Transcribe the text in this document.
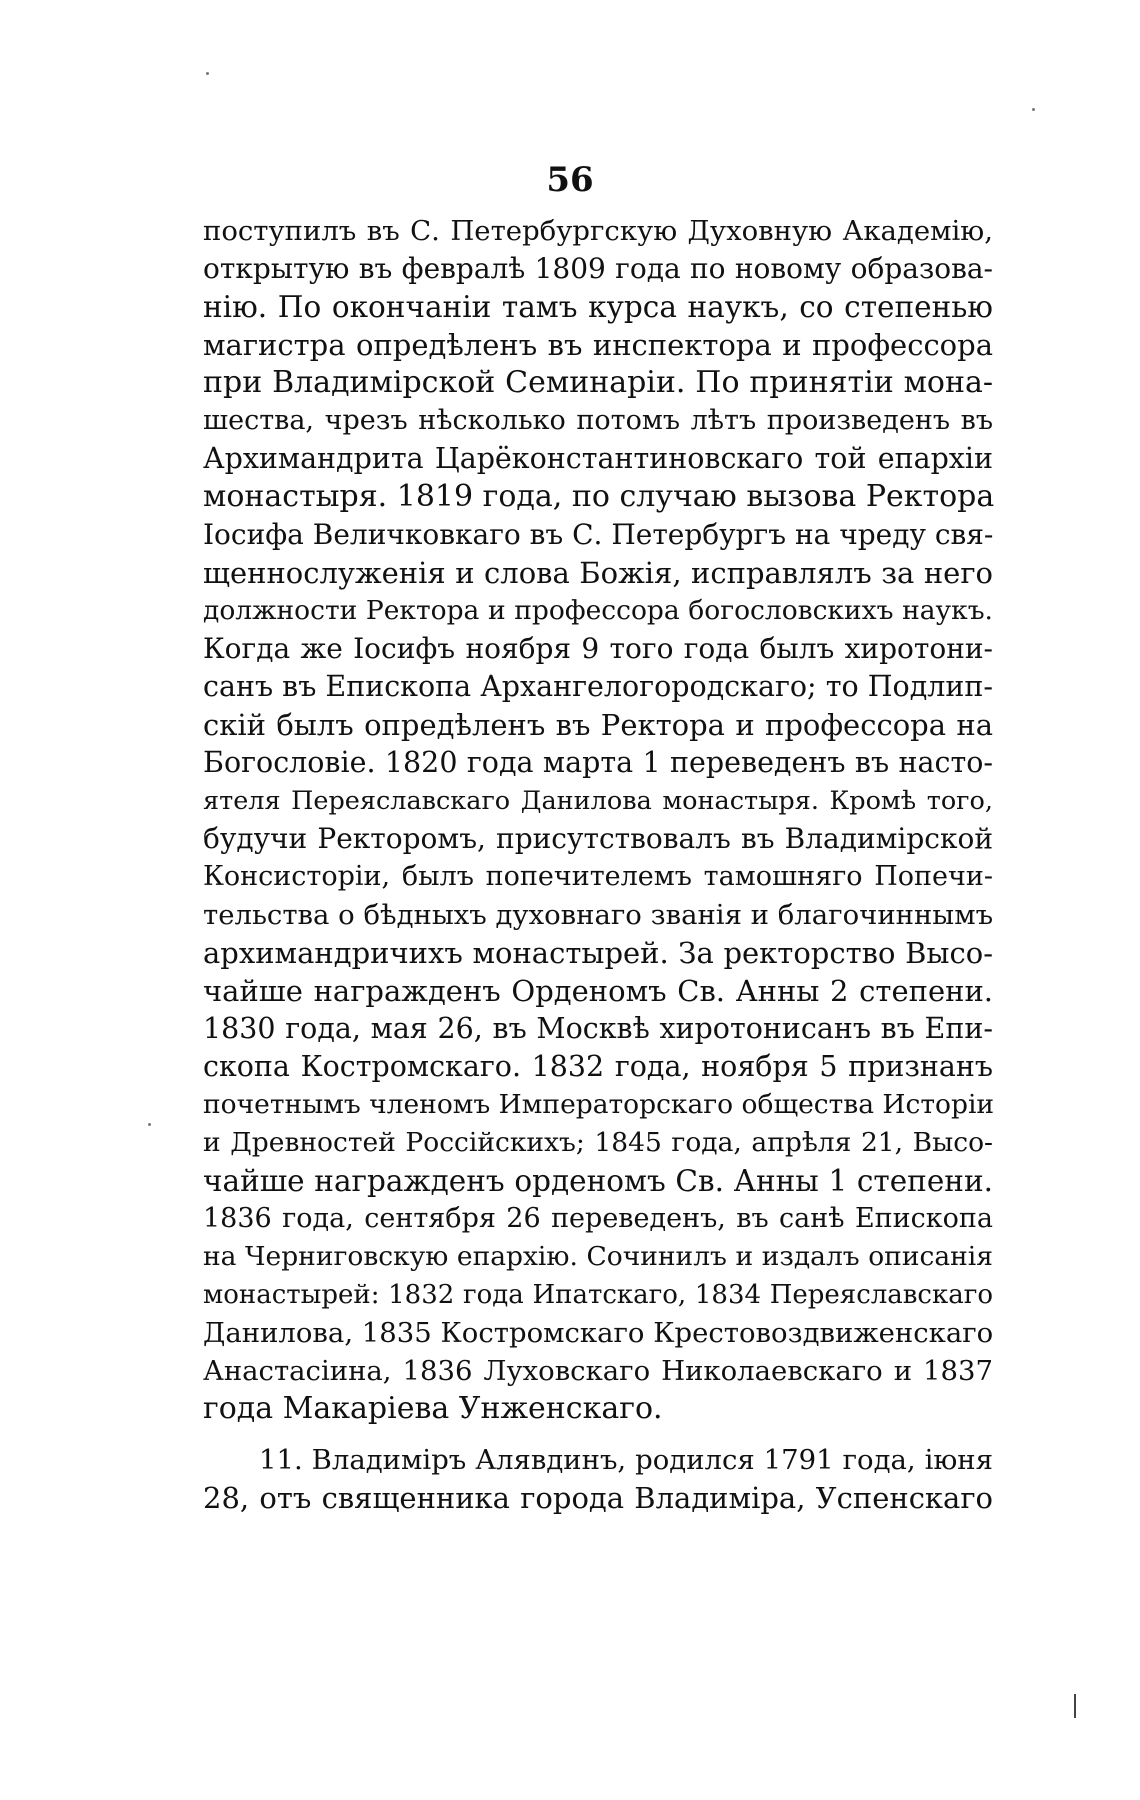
56
поступилъ въ С. Петербургскую Духовную Академію,
открытую въ февралѣ 1809 года по новому образова-
нію. По окончаніи тамъ курса наукъ, со степенью
магистра опредѣленъ въ инспектора и профессора
при Владимірской Семинаріи. По принятіи мона-
шества, чрезъ нѣсколько потомъ лѣтъ произведенъ въ
Архимандрита Царёконстантиновскаго той епархіи
монастыря. 1819 года, по случаю вызова Ректора
Іосифа Величковкаго въ С. Петербургъ на чреду свя-
щеннослуженія и слова Божія, исправлялъ за него
должности Ректора и профессора богословскихъ наукъ.
Когда же Іосифъ ноября 9 того года былъ хиротони-
санъ въ Епископа Архангелогородскаго; то Подлип-
скій былъ опредѣленъ въ Ректора и профессора на
Богословіе. 1820 года марта 1 переведенъ въ насто-
ятеля Переяславскаго Данилова монастыря. Кромѣ того,
будучи Ректоромъ, присутствовалъ въ Владимірской
Консисторіи, былъ попечителемъ тамошняго Попечи-
тельства о бѣдныхъ духовнаго званія и благочиннымъ
архимандричихъ монастырей. За ректорство Высо-
чайше награжденъ Орденомъ Св. Анны 2 степени.
1830 года, мая 26, въ Москвѣ хиротонисанъ въ Епи-
скопа Костромскаго. 1832 года, ноября 5 признанъ
почетнымъ членомъ Императорскаго общества Исторіи
и Древностей Россійскихъ; 1845 года, апрѣля 21, Высо-
чайше награжденъ орденомъ Св. Анны 1 степени.
1836 года, сентября 26 переведенъ, въ санѣ Епископа
на Черниговскую епархію. Сочинилъ и издалъ описанія
монастырей: 1832 года Ипатскаго, 1834 Переяславскаго
Данилова, 1835 Костромскаго Крестовоздвиженскаго
Анастасіина, 1836 Луховскаго Николаевскаго и 1837
года Макаріева Унженскаго.
11. Владиміръ Алявдинъ, родился 1791 года, іюня
28, отъ священника города Владиміра, Успенскаго
